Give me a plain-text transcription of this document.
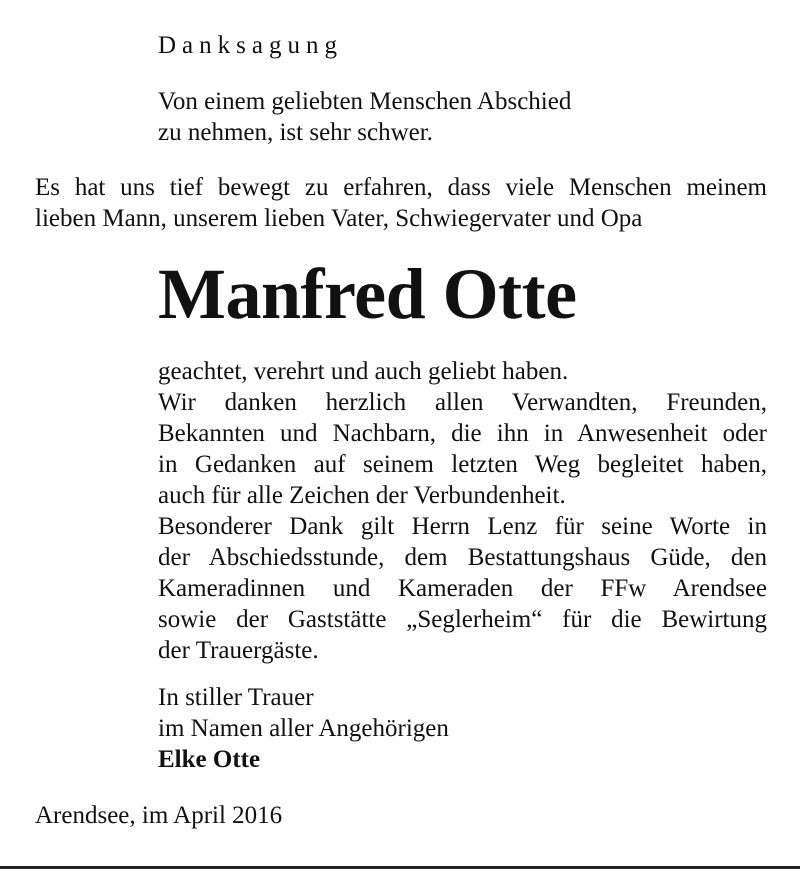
Danksagung
Von einem geliebten Menschen Abschied
zu nehmen, ist sehr schwer.
Es hat uns tief bewegt zu erfahren, dass viele Menschen meinem
lieben Mann, unserem lieben Vater, Schwiegervater und Opa
Manfred Otte
geachtet, verehrt und auch geliebt haben.
Wir danken herzlich allen Verwandten, Freunden,
Bekannten und Nachbarn, die ihn in Anwesenheit oder
in Gedanken auf seinem letzten Weg begleitet haben,
auch für alle Zeichen der Verbundenheit.
Besonderer Dank gilt Herrn Lenz für seine Worte in
der Abschiedsstunde, dem Bestattungshaus Güde, den
Kameradinnen und Kameraden der FFw Arendsee
sowie der Gaststätte „Seglerheim“ für die Bewirtung
der Trauergäste.
In stiller Trauer
im Namen aller Angehörigen
Elke Otte
Arendsee, im April 2016
